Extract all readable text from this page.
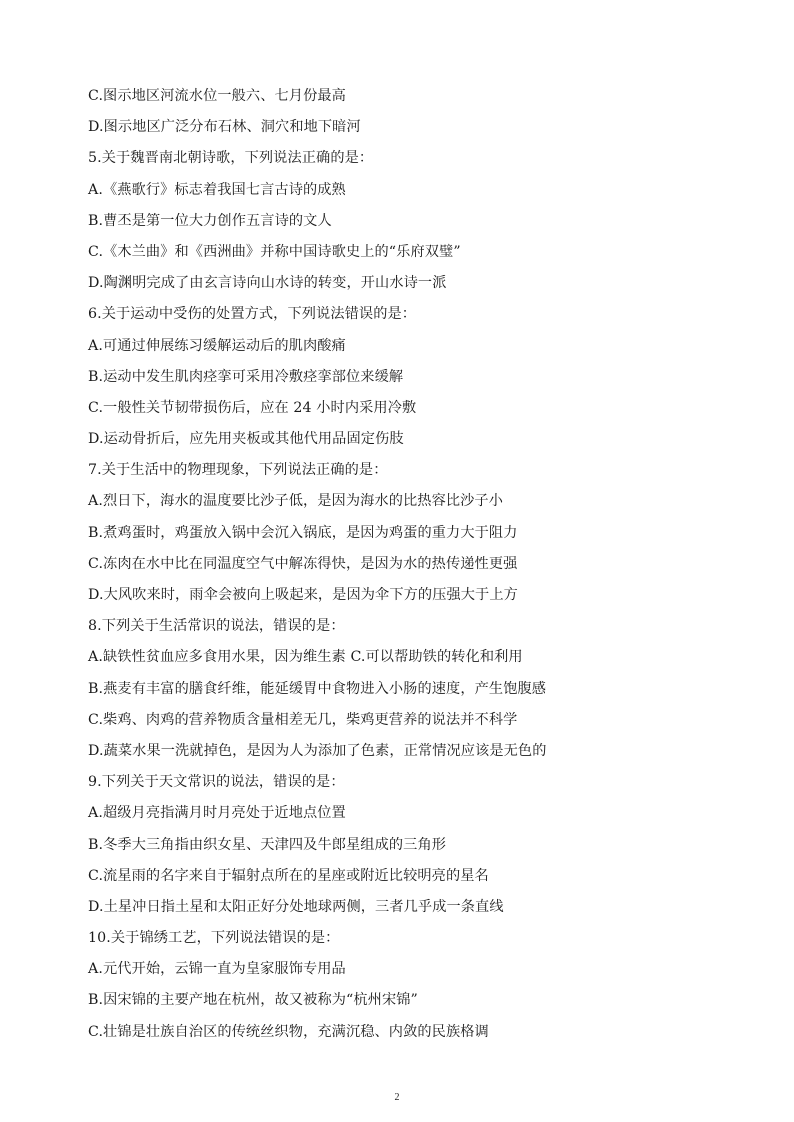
C.图示地区河流水位一般六、七月份最高
D.图示地区广泛分布石林、洞穴和地下暗河
5.关于魏晋南北朝诗歌，下列说法正确的是：
A.《燕歌行》标志着我国七言古诗的成熟
B.曹丕是第一位大力创作五言诗的文人
C.《木兰曲》和《西洲曲》并称中国诗歌史上的“乐府双璧”
D.陶渊明完成了由玄言诗向山水诗的转变，开山水诗一派
6.关于运动中受伤的处置方式，下列说法错误的是：
A.可通过伸展练习缓解运动后的肌肉酸痛
B.运动中发生肌肉痉挛可采用冷敷痉挛部位来缓解
C.一般性关节韧带损伤后，应在 24 小时内采用冷敷
D.运动骨折后，应先用夹板或其他代用品固定伤肢
7.关于生活中的物理现象，下列说法正确的是：
A.烈日下，海水的温度要比沙子低，是因为海水的比热容比沙子小
B.煮鸡蛋时，鸡蛋放入锅中会沉入锅底，是因为鸡蛋的重力大于阻力
C.冻肉在水中比在同温度空气中解冻得快，是因为水的热传递性更强
D.大风吹来时，雨伞会被向上吸起来，是因为伞下方的压强大于上方
8.下列关于生活常识的说法，错误的是：
A.缺铁性贫血应多食用水果，因为维生素 C.可以帮助铁的转化和利用
B.燕麦有丰富的膳食纤维，能延缓胃中食物进入小肠的速度，产生饱腹感
C.柴鸡、肉鸡的营养物质含量相差无几，柴鸡更营养的说法并不科学
D.蔬菜水果一洗就掉色，是因为人为添加了色素，正常情况应该是无色的
9.下列关于天文常识的说法，错误的是：
A.超级月亮指满月时月亮处于近地点位置
B.冬季大三角指由织女星、天津四及牛郎星组成的三角形
C.流星雨的名字来自于辐射点所在的星座或附近比较明亮的星名
D.土星冲日指土星和太阳正好分处地球两侧，三者几乎成一条直线
10.关于锦绣工艺，下列说法错误的是：
A.元代开始，云锦一直为皇家服饰专用品
B.因宋锦的主要产地在杭州，故又被称为“杭州宋锦”
C.壮锦是壮族自治区的传统丝织物，充满沉稳、内敛的民族格调
2
